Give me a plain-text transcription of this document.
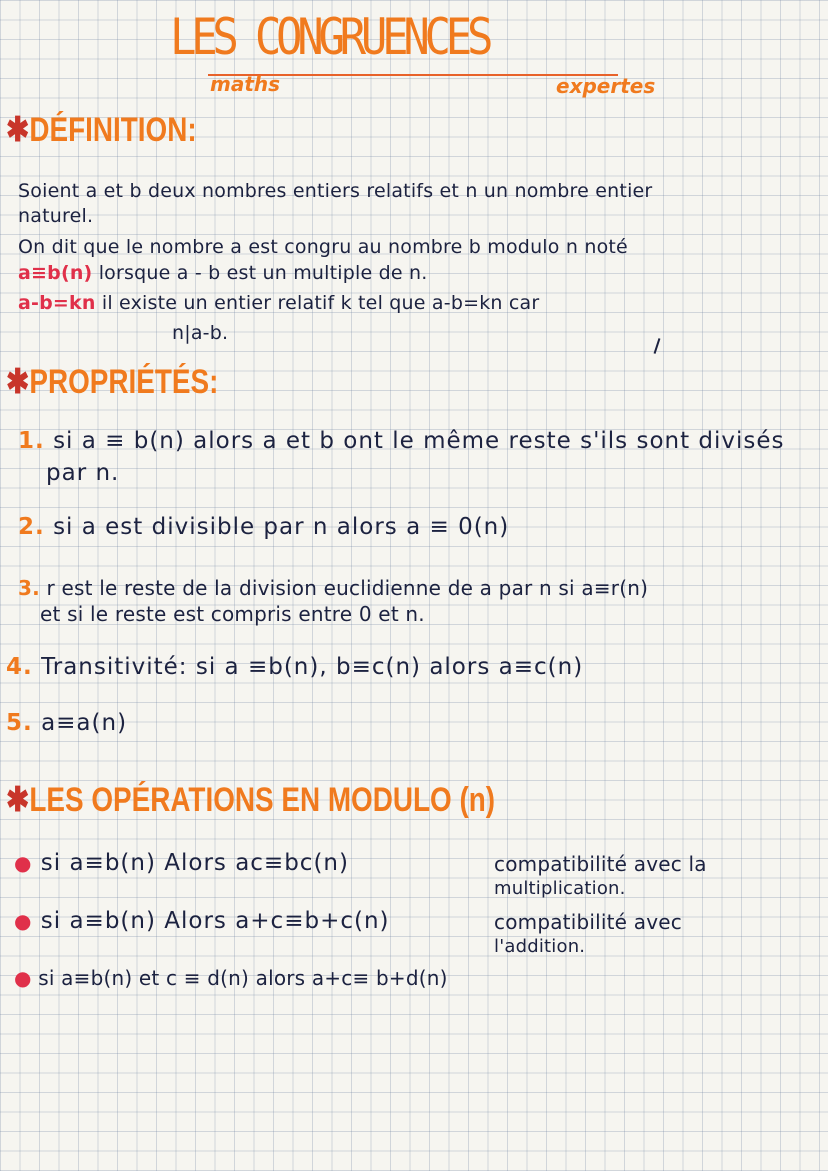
LES CONGRUENCES
maths	expertes
✱DÉFINITION:
Soient a et b deux nombres entiers relatifs et n un nombre entier
naturel.
On dit que le nombre a est congru au nombre b modulo n noté
a≡b(n) lorsque a - b est un multiple de n.
a-b=kn il existe un entier relatif k tel que a-b=kn car
n|a-b.
✱PROPRIÉTÉS:
1. si a ≡ b(n) alors a et b ont le même reste s'ils sont divisés
par n.
2. si a est divisible par n alors a ≡ 0(n)
3. r est le reste de la division euclidienne de a par n si a≡r(n)
et si le reste est compris entre 0 et n.
4. Transitivité: si a ≡b(n), b≡c(n) alors a≡c(n)
5. a≡a(n)
✱LES OPÉRATIONS EN MODULO (n)
● si a≡b(n) Alors ac≡bc(n)	compatibilité avec la
multiplication.
● si a≡b(n) Alors a+c≡b+c(n)	compatibilité avec
l'addition.
● si a≡b(n) et c ≡ d(n) alors a+c≡ b+d(n)
